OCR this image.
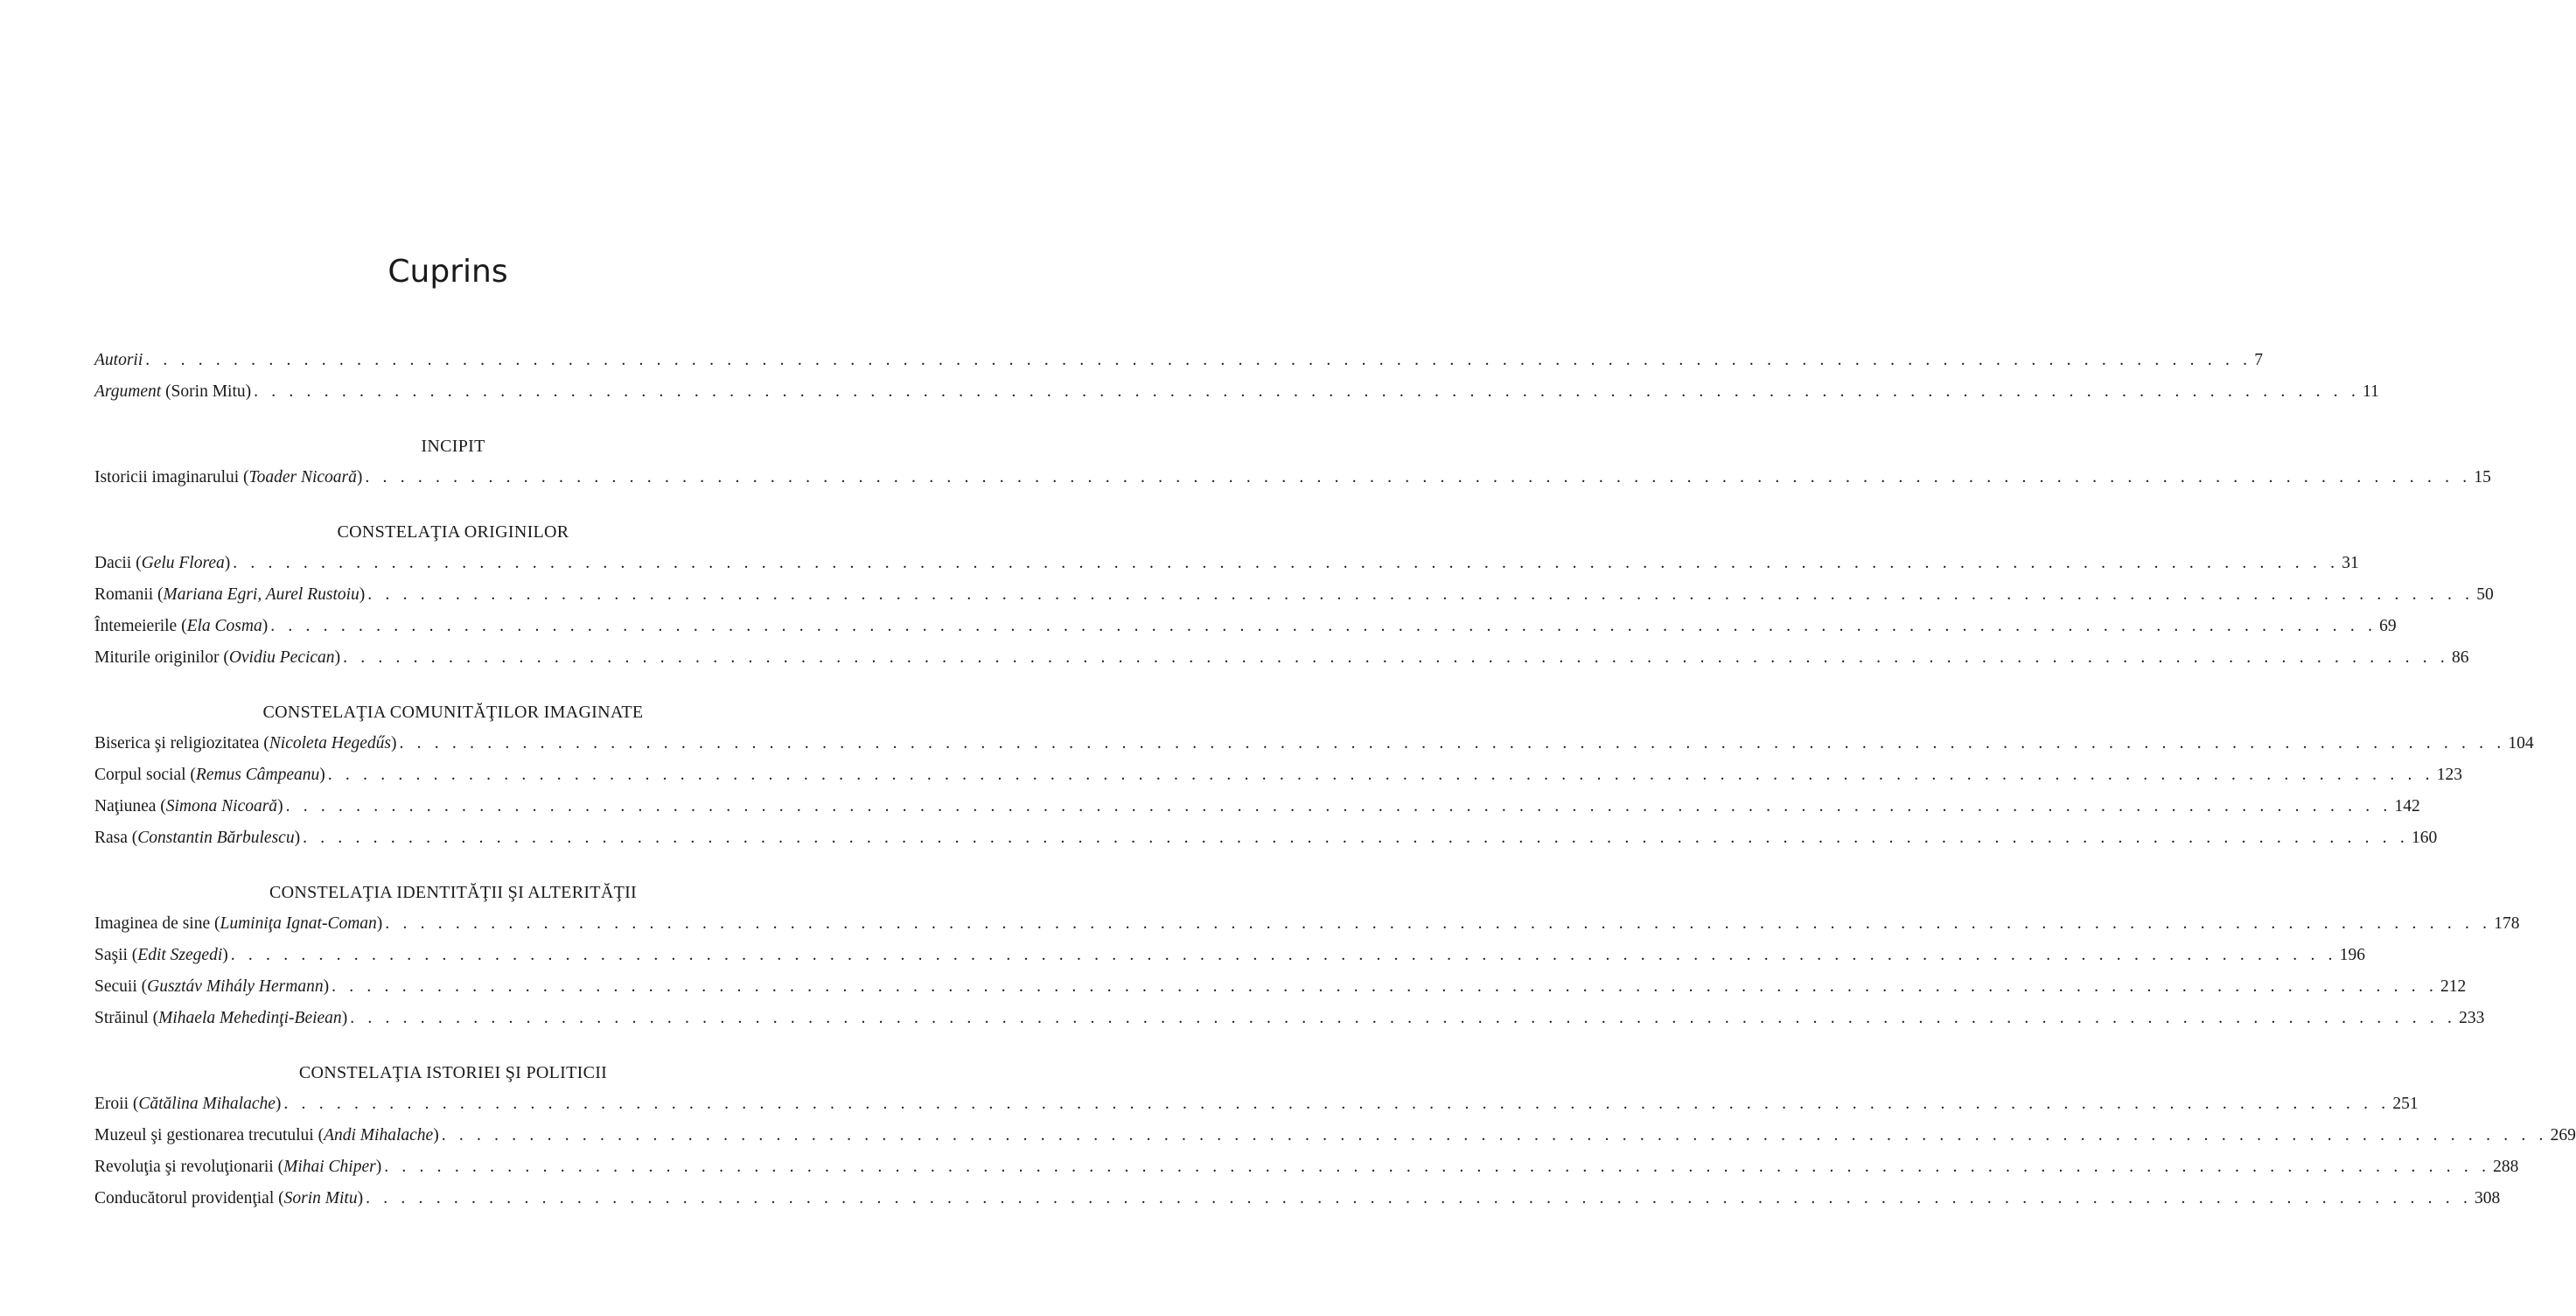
Cuprins
Autorii . . . . . . . . . . . . . . . . . . . . . . . . . . . . . . . . . . . . . . . . . . . . . . . . . . . . . . . . . . . . . . . . . . . . . . . . . . . . . . . . . . . . . . . . . . . . . . . . . . . . . . . . . . . . . . . . . . . . . . . . 7
Argument (Sorin Mitu) . . . . . . . . . . . . . . . . . . . . . . . . . . . . . . . . . . . . . . . . . . . . . . . . . . . . . . . . . . . . . . . . . . . . . . . . . . . . . . . . . . . . . . . . . . . . . . . . . . . . . . . . . . . . . . . . . . . . . . . . 11
INCIPIT
Istoricii imaginarului (Toader Nicoară) . . . . . . . . . . . . . . . . . . . . . . . . . . . . . . . . . . . . . . . . . . . . . . . . . . . . . . . . . . . . . . . . . . . . . . . . . . . . . . . . . . . . . . . . . . . . . . . . . . . . . . . . . . . . . . . . . . . . . . . . 15
CONSTELAŢIA ORIGINILOR
Dacii (Gelu Florea) . . . . . . . . . . . . . . . . . . . . . . . . . . . . . . . . . . . . . . . . . . . . . . . . . . . . . . . . . . . . . . . . . . . . . . . . . . . . . . . . . . . . . . . . . . . . . . . . . . . . . . . . . . . . . . . . . . . . . . . . 31
Romanii (Mariana Egri, Aurel Rustoiu) . . . . . . . . . . . . . . . . . . . . . . . . . . . . . . . . . . . . . . . . . . . . . . . . . . . . . . . . . . . . . . . . . . . . . . . . . . . . . . . . . . . . . . . . . . . . . . . . . . . . . . . . . . . . . . . . . . . . . . . . 50
Întemeierile (Ela Cosma) . . . . . . . . . . . . . . . . . . . . . . . . . . . . . . . . . . . . . . . . . . . . . . . . . . . . . . . . . . . . . . . . . . . . . . . . . . . . . . . . . . . . . . . . . . . . . . . . . . . . . . . . . . . . . . . . . . . . . . . . 69
Miturile originilor (Ovidiu Pecican) . . . . . . . . . . . . . . . . . . . . . . . . . . . . . . . . . . . . . . . . . . . . . . . . . . . . . . . . . . . . . . . . . . . . . . . . . . . . . . . . . . . . . . . . . . . . . . . . . . . . . . . . . . . . . . . . . . . . . . . . 86
CONSTELAŢIA COMUNITĂŢILOR IMAGINATE
Biserica şi religiozitatea (Nicoleta Hegedűs) . . . . . . . . . . . . . . . . . . . . . . . . . . . . . . . . . . . . . . . . . . . . . . . . . . . . . . . . . . . . . . . . . . . . . . . . . . . . . . . . . . . . . . . . . . . . . . . . . . . . . . . . . . . . . . . . . . . . . . . . 104
Corpul social (Remus Câmpeanu) . . . . . . . . . . . . . . . . . . . . . . . . . . . . . . . . . . . . . . . . . . . . . . . . . . . . . . . . . . . . . . . . . . . . . . . . . . . . . . . . . . . . . . . . . . . . . . . . . . . . . . . . . . . . . . . . . . . . . . . . 123
Naţiunea (Simona Nicoară) . . . . . . . . . . . . . . . . . . . . . . . . . . . . . . . . . . . . . . . . . . . . . . . . . . . . . . . . . . . . . . . . . . . . . . . . . . . . . . . . . . . . . . . . . . . . . . . . . . . . . . . . . . . . . . . . . . . . . . . . 142
Rasa (Constantin Bărbulescu) . . . . . . . . . . . . . . . . . . . . . . . . . . . . . . . . . . . . . . . . . . . . . . . . . . . . . . . . . . . . . . . . . . . . . . . . . . . . . . . . . . . . . . . . . . . . . . . . . . . . . . . . . . . . . . . . . . . . . . . . 160
CONSTELAŢIA IDENTITĂŢII ŞI ALTERITĂŢII
Imaginea de sine (Luminiţa Ignat-Coman) . . . . . . . . . . . . . . . . . . . . . . . . . . . . . . . . . . . . . . . . . . . . . . . . . . . . . . . . . . . . . . . . . . . . . . . . . . . . . . . . . . . . . . . . . . . . . . . . . . . . . . . . . . . . . . . . . . . . . . . . 178
Saşii (Edit Szegedi) . . . . . . . . . . . . . . . . . . . . . . . . . . . . . . . . . . . . . . . . . . . . . . . . . . . . . . . . . . . . . . . . . . . . . . . . . . . . . . . . . . . . . . . . . . . . . . . . . . . . . . . . . . . . . . . . . . . . . . . . 196
Secuii (Gusztáv Mihály Hermann) . . . . . . . . . . . . . . . . . . . . . . . . . . . . . . . . . . . . . . . . . . . . . . . . . . . . . . . . . . . . . . . . . . . . . . . . . . . . . . . . . . . . . . . . . . . . . . . . . . . . . . . . . . . . . . . . . . . . . . . . 212
Străinul (Mihaela Mehedinţi-Beiean) . . . . . . . . . . . . . . . . . . . . . . . . . . . . . . . . . . . . . . . . . . . . . . . . . . . . . . . . . . . . . . . . . . . . . . . . . . . . . . . . . . . . . . . . . . . . . . . . . . . . . . . . . . . . . . . . . . . . . . . . 233
CONSTELAŢIA ISTORIEI ŞI POLITICII
Eroii (Cătălina Mihalache) . . . . . . . . . . . . . . . . . . . . . . . . . . . . . . . . . . . . . . . . . . . . . . . . . . . . . . . . . . . . . . . . . . . . . . . . . . . . . . . . . . . . . . . . . . . . . . . . . . . . . . . . . . . . . . . . . . . . . . . . 251
Muzeul şi gestionarea trecutului (Andi Mihalache) . . . . . . . . . . . . . . . . . . . . . . . . . . . . . . . . . . . . . . . . . . . . . . . . . . . . . . . . . . . . . . . . . . . . . . . . . . . . . . . . . . . . . . . . . . . . . . . . . . . . . . . . . . . . . . . . . . . . . . . . 269
Revoluţia şi revoluţionarii (Mihai Chiper) . . . . . . . . . . . . . . . . . . . . . . . . . . . . . . . . . . . . . . . . . . . . . . . . . . . . . . . . . . . . . . . . . . . . . . . . . . . . . . . . . . . . . . . . . . . . . . . . . . . . . . . . . . . . . . . . . . . . . . . . 288
Conducătorul providenţial (Sorin Mitu) . . . . . . . . . . . . . . . . . . . . . . . . . . . . . . . . . . . . . . . . . . . . . . . . . . . . . . . . . . . . . . . . . . . . . . . . . . . . . . . . . . . . . . . . . . . . . . . . . . . . . . . . . . . . . . . . . . . . . . . . 308
